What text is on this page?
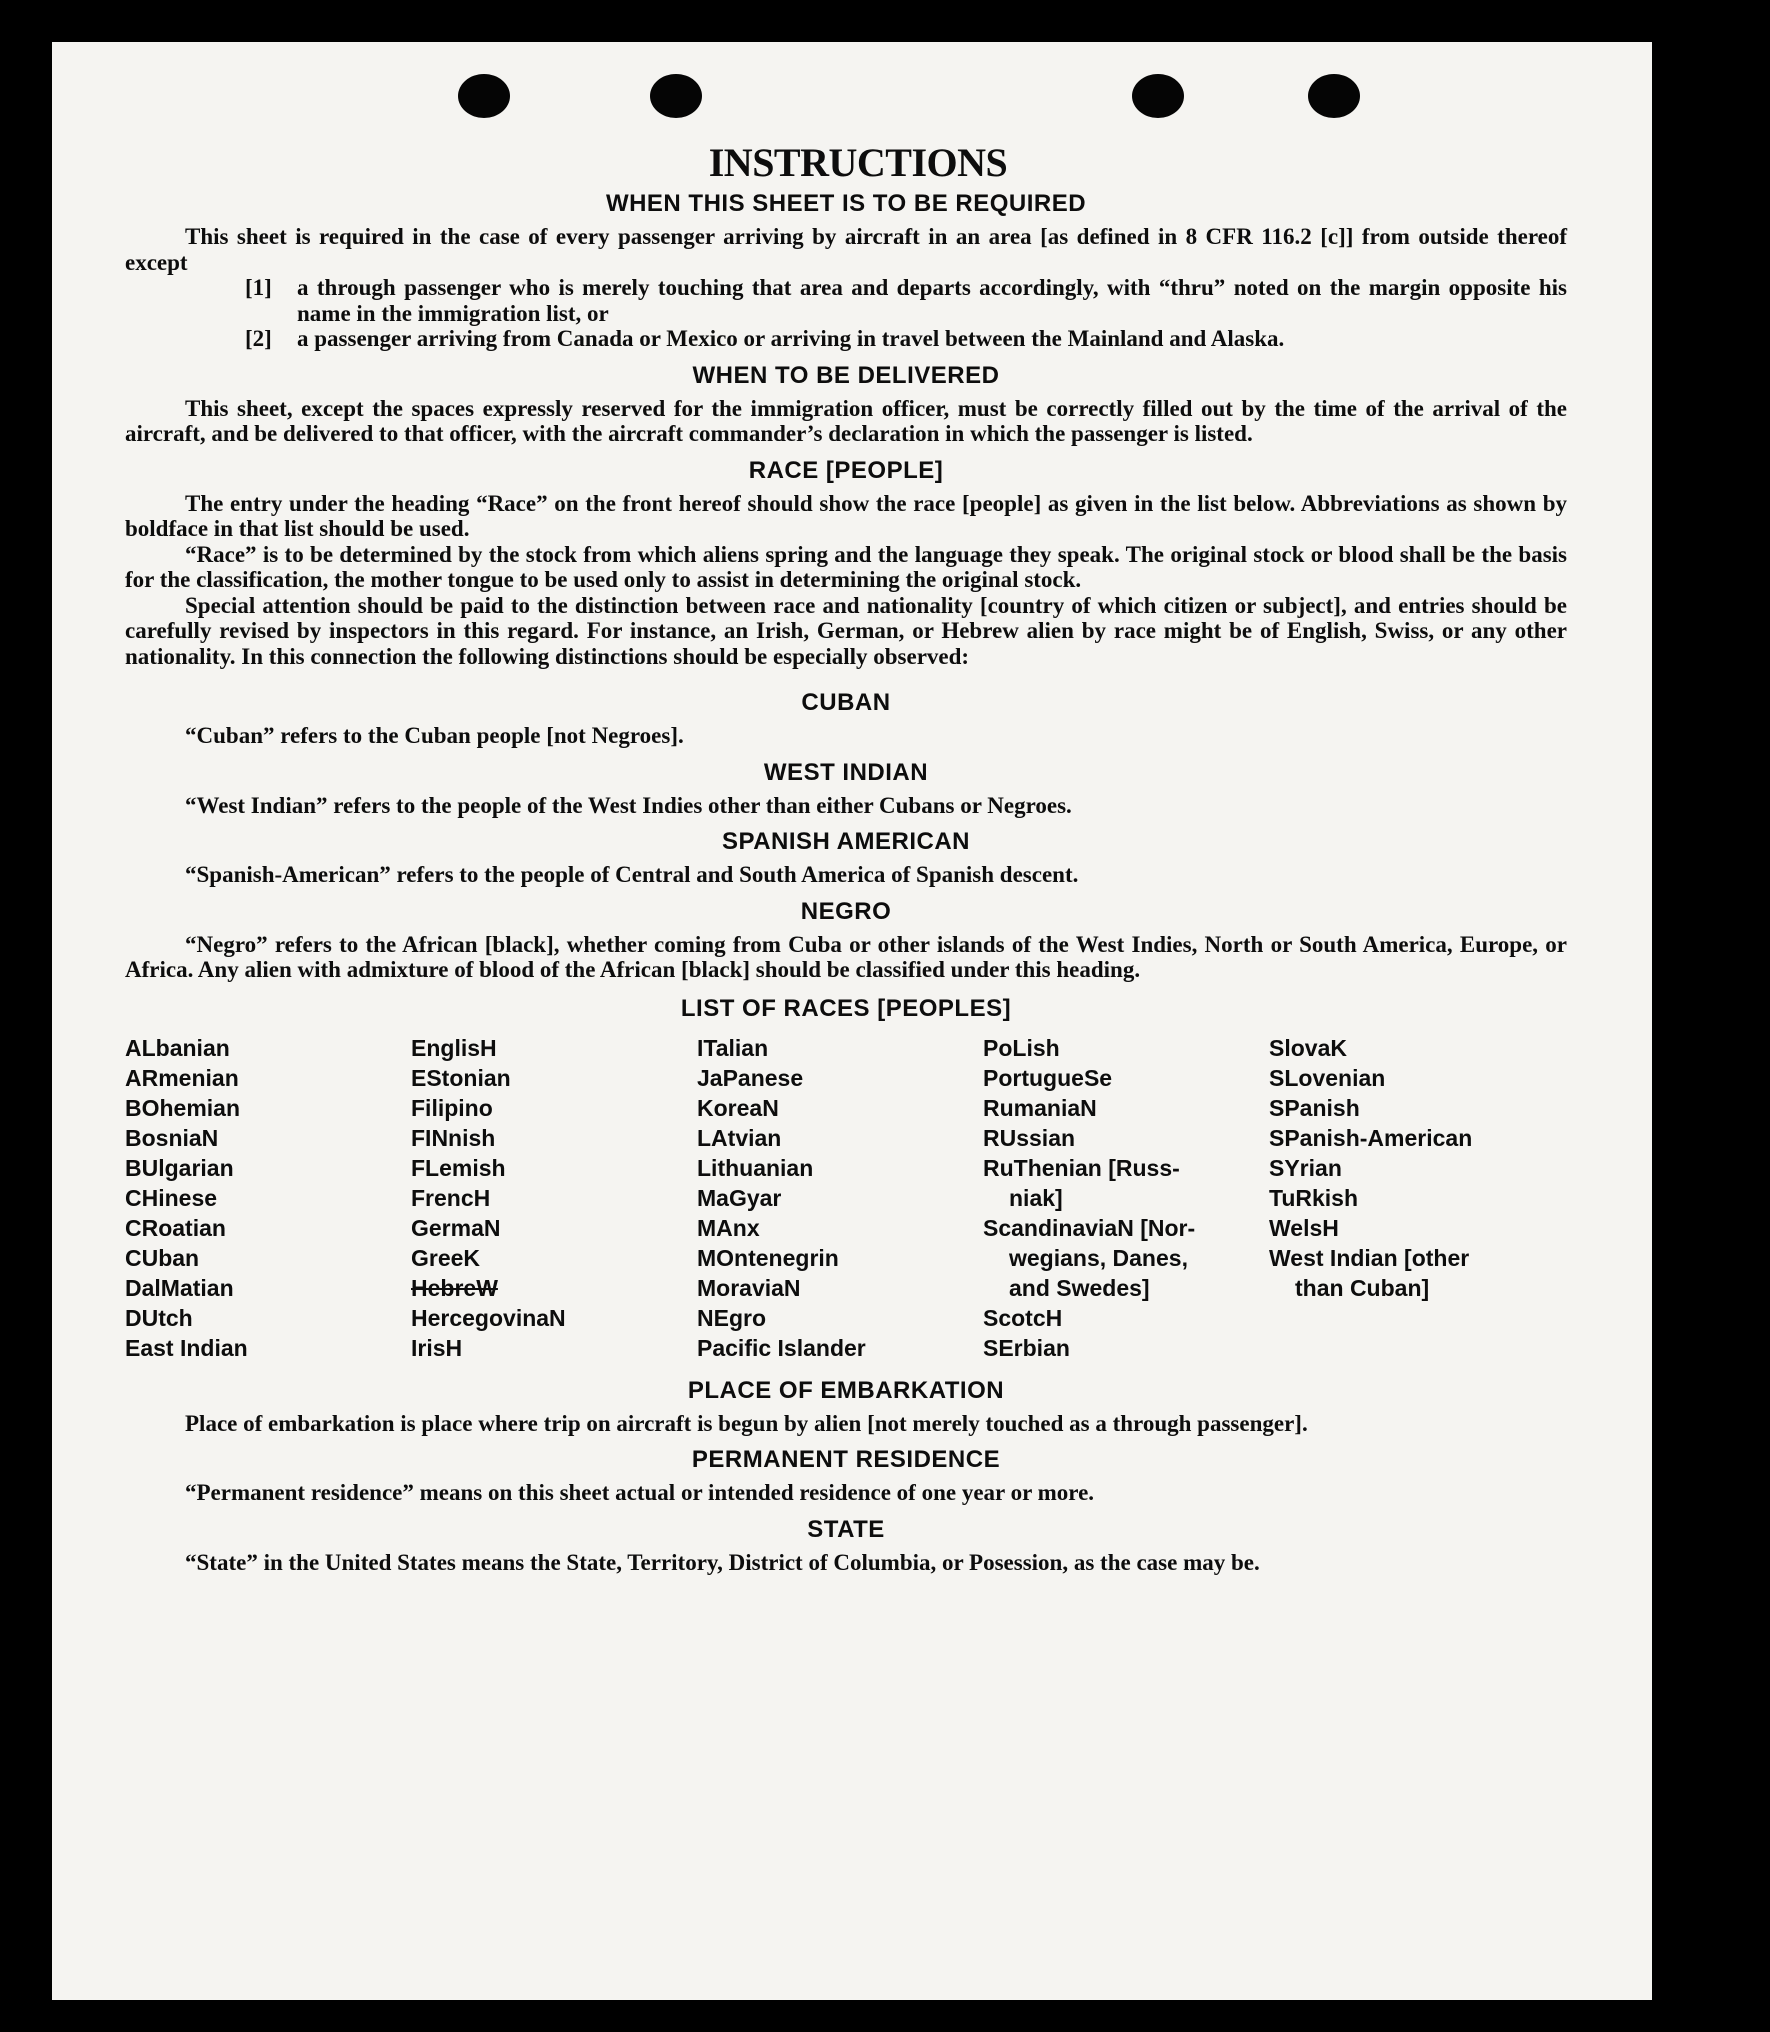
INSTRUCTIONS
WHEN THIS SHEET IS TO BE REQUIRED

This sheet is required in the case of every passenger arriving by aircraft in an area [as defined in 8 CFR 116.2 [c]] from outside thereof except

[1]	a through passenger who is merely touching that area and departs accordingly, with “thru” noted on the margin opposite his name in the immigration list, or
[2]	a passenger arriving from Canada or Mexico or arriving in travel between the Mainland and Alaska.
WHEN TO BE DELIVERED

This sheet, except the spaces expressly reserved for the immigration officer, must be correctly filled out by the time of the arrival of the aircraft, and be delivered to that officer, with the aircraft commander’s declaration in which the passenger is listed.

RACE [PEOPLE]

The entry under the heading “Race” on the front hereof should show the race [people] as given in the list below. Abbreviations as shown by boldface in that list should be used.

“Race” is to be determined by the stock from which aliens spring and the language they speak. The original stock or blood shall be the basis for the classification, the mother tongue to be used only to assist in determining the original stock.

Special attention should be paid to the distinction between race and nationality [country of which citizen or subject], and entries should be carefully revised by inspectors in this regard. For instance, an Irish, German, or Hebrew alien by race might be of English, Swiss, or any other nationality. In this connection the following distinctions should be especially observed:

CUBAN

“Cuban” refers to the Cuban people [not Negroes].

WEST INDIAN

“West Indian” refers to the people of the West Indies other than either Cubans or Negroes.

SPANISH AMERICAN

“Spanish-American” refers to the people of Central and South America of Spanish descent.

NEGRO

“Negro” refers to the African [black], whether coming from Cuba or other islands of the West Indies, North or South America, Europe, or Africa. Any alien with admixture of blood of the African [black] should be classified under this heading.

LIST OF RACES [PEOPLES]
ALbanian
ARmenian
BOhemian
BosniaN
BUlgarian
CHinese
CRoatian
CUban
DalMatian
DUtch
East Indian
EnglisH
EStonian
Filipino
FINnish
FLemish
FrencH
GermaN
GreeK
HebreW
HercegovinaN
IrisH
ITalian
JaPanese
KoreaN
LAtvian
Lithuanian
MaGyar
MAnx
MOntenegrin
MoraviaN
NEgro
Pacific Islander
PoLish
PortugueSe
RumaniaN
RUssian
RuThenian [Russ-
niak]
ScandinaviaN [Nor-
wegians, Danes,
and Swedes]
ScotcH
SErbian
SlovaK
SLovenian
SPanish
SPanish-American
SYrian
TuRkish
WelsH
West Indian [other
than Cuban]
PLACE OF EMBARKATION

Place of embarkation is place where trip on aircraft is begun by alien [not merely touched as a through passenger].

PERMANENT RESIDENCE

“Permanent residence” means on this sheet actual or intended residence of one year or more.

STATE

“State” in the United States means the State, Territory, District of Columbia, or Posession, as the case may be.
